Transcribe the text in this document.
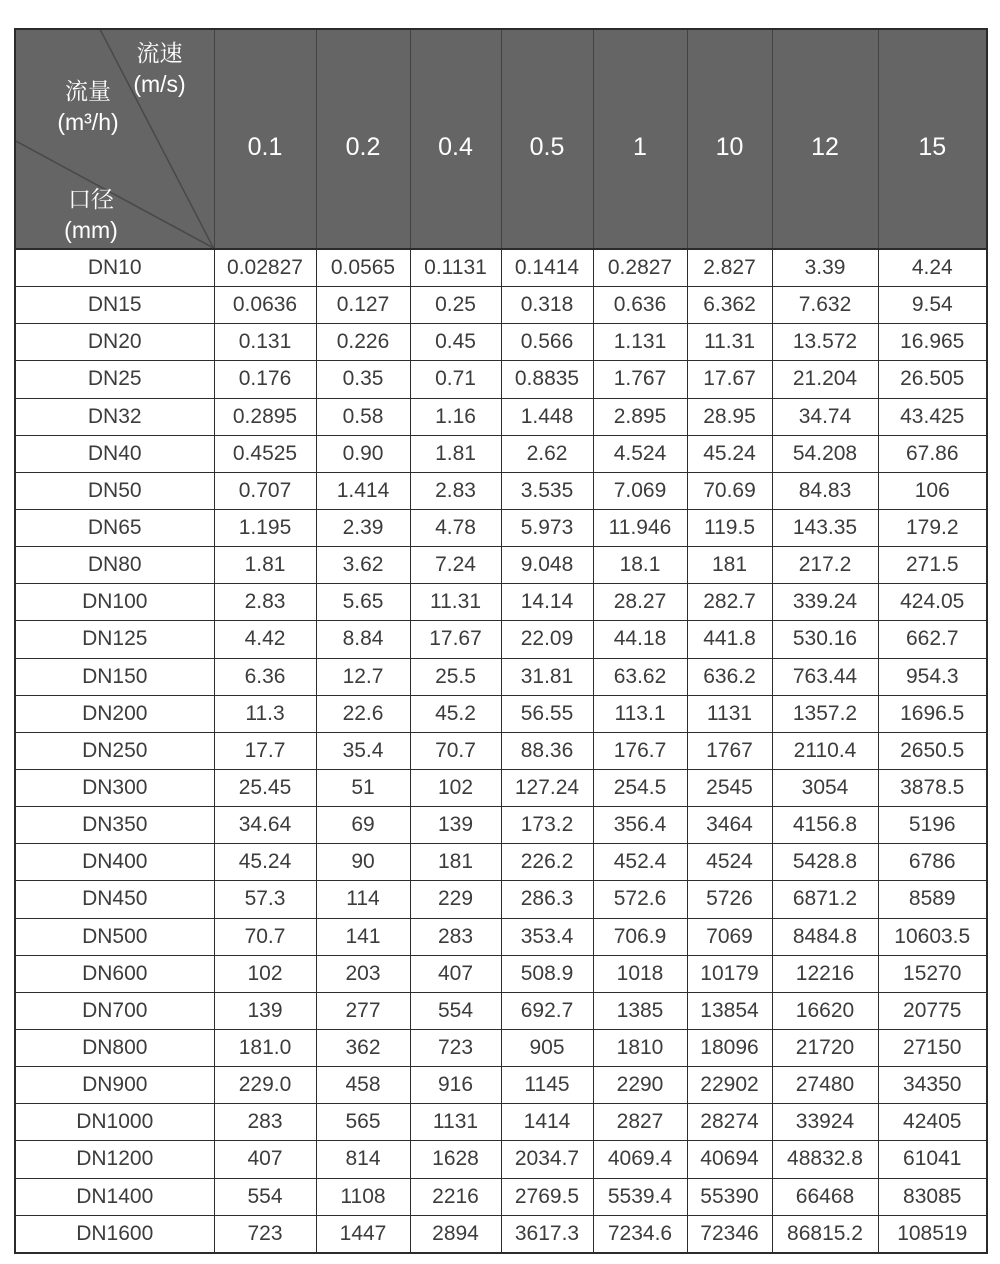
流速
(m/s)
流量
(m³/h)
口径
(mm)
	0.1	0.2	0.4	0.5	1	10	12	15
DN10	0.02827	0.0565	0.1131	0.1414	0.2827	2.827	3.39	4.24
DN15	0.0636	0.127	0.25	0.318	0.636	6.362	7.632	9.54
DN20	0.131	0.226	0.45	0.566	1.131	11.31	13.572	16.965
DN25	0.176	0.35	0.71	0.8835	1.767	17.67	21.204	26.505
DN32	0.2895	0.58	1.16	1.448	2.895	28.95	34.74	43.425
DN40	0.4525	0.90	1.81	2.62	4.524	45.24	54.208	67.86
DN50	0.707	1.414	2.83	3.535	7.069	70.69	84.83	106
DN65	1.195	2.39	4.78	5.973	11.946	119.5	143.35	179.2
DN80	1.81	3.62	7.24	9.048	18.1	181	217.2	271.5
DN100	2.83	5.65	11.31	14.14	28.27	282.7	339.24	424.05
DN125	4.42	8.84	17.67	22.09	44.18	441.8	530.16	662.7
DN150	6.36	12.7	25.5	31.81	63.62	636.2	763.44	954.3
DN200	11.3	22.6	45.2	56.55	113.1	1131	1357.2	1696.5
DN250	17.7	35.4	70.7	88.36	176.7	1767	2110.4	2650.5
DN300	25.45	51	102	127.24	254.5	2545	3054	3878.5
DN350	34.64	69	139	173.2	356.4	3464	4156.8	5196
DN400	45.24	90	181	226.2	452.4	4524	5428.8	6786
DN450	57.3	114	229	286.3	572.6	5726	6871.2	8589
DN500	70.7	141	283	353.4	706.9	7069	8484.8	10603.5
DN600	102	203	407	508.9	1018	10179	12216	15270
DN700	139	277	554	692.7	1385	13854	16620	20775
DN800	181.0	362	723	905	1810	18096	21720	27150
DN900	229.0	458	916	1145	2290	22902	27480	34350
DN1000	283	565	1131	1414	2827	28274	33924	42405
DN1200	407	814	1628	2034.7	4069.4	40694	48832.8	61041
DN1400	554	1108	2216	2769.5	5539.4	55390	66468	83085
DN1600	723	1447	2894	3617.3	7234.6	72346	86815.2	108519
